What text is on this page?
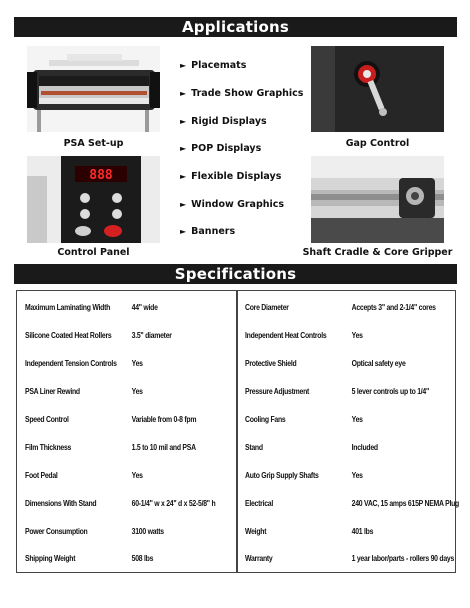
Applications
PSA Set-up	Gap Control
888
Control Panel	Shaft Cradle & Core Gripper
► Placemats
► Trade Show Graphics
► Rigid Displays
► POP Displays
► Flexible Displays
► Window Graphics
► Banners
Specifications
Maximum Laminating Width	44" wide
Silicone Coated Heat Rollers	3.5" diameter
Independent Tension Controls Yes
PSA Liner Rewind	Yes
Speed Control	Variable from 0-8 fpm
Film Thickness	1.5 to 10 mil and PSA
Foot Pedal	Yes
Dimensions With Stand	60-1/4" w x 24" d x 52-5/8" h
Power Consumption	3100 watts
Shipping Weight	508 lbs
Core Diameter	Accepts 3" and 2-1/4" cores
Independent Heat Controls	Yes
Protective Shield	Optical safety eye
Pressure Adjustment	5 lever controls up to 1/4"
Cooling Fans	Yes
Stand	Included
Auto Grip Supply Shafts	Yes
Electrical	240 VAC, 15 amps 615P NEMA Plug
Weight	401 lbs
Warranty	1 year labor/parts - rollers 90 days
